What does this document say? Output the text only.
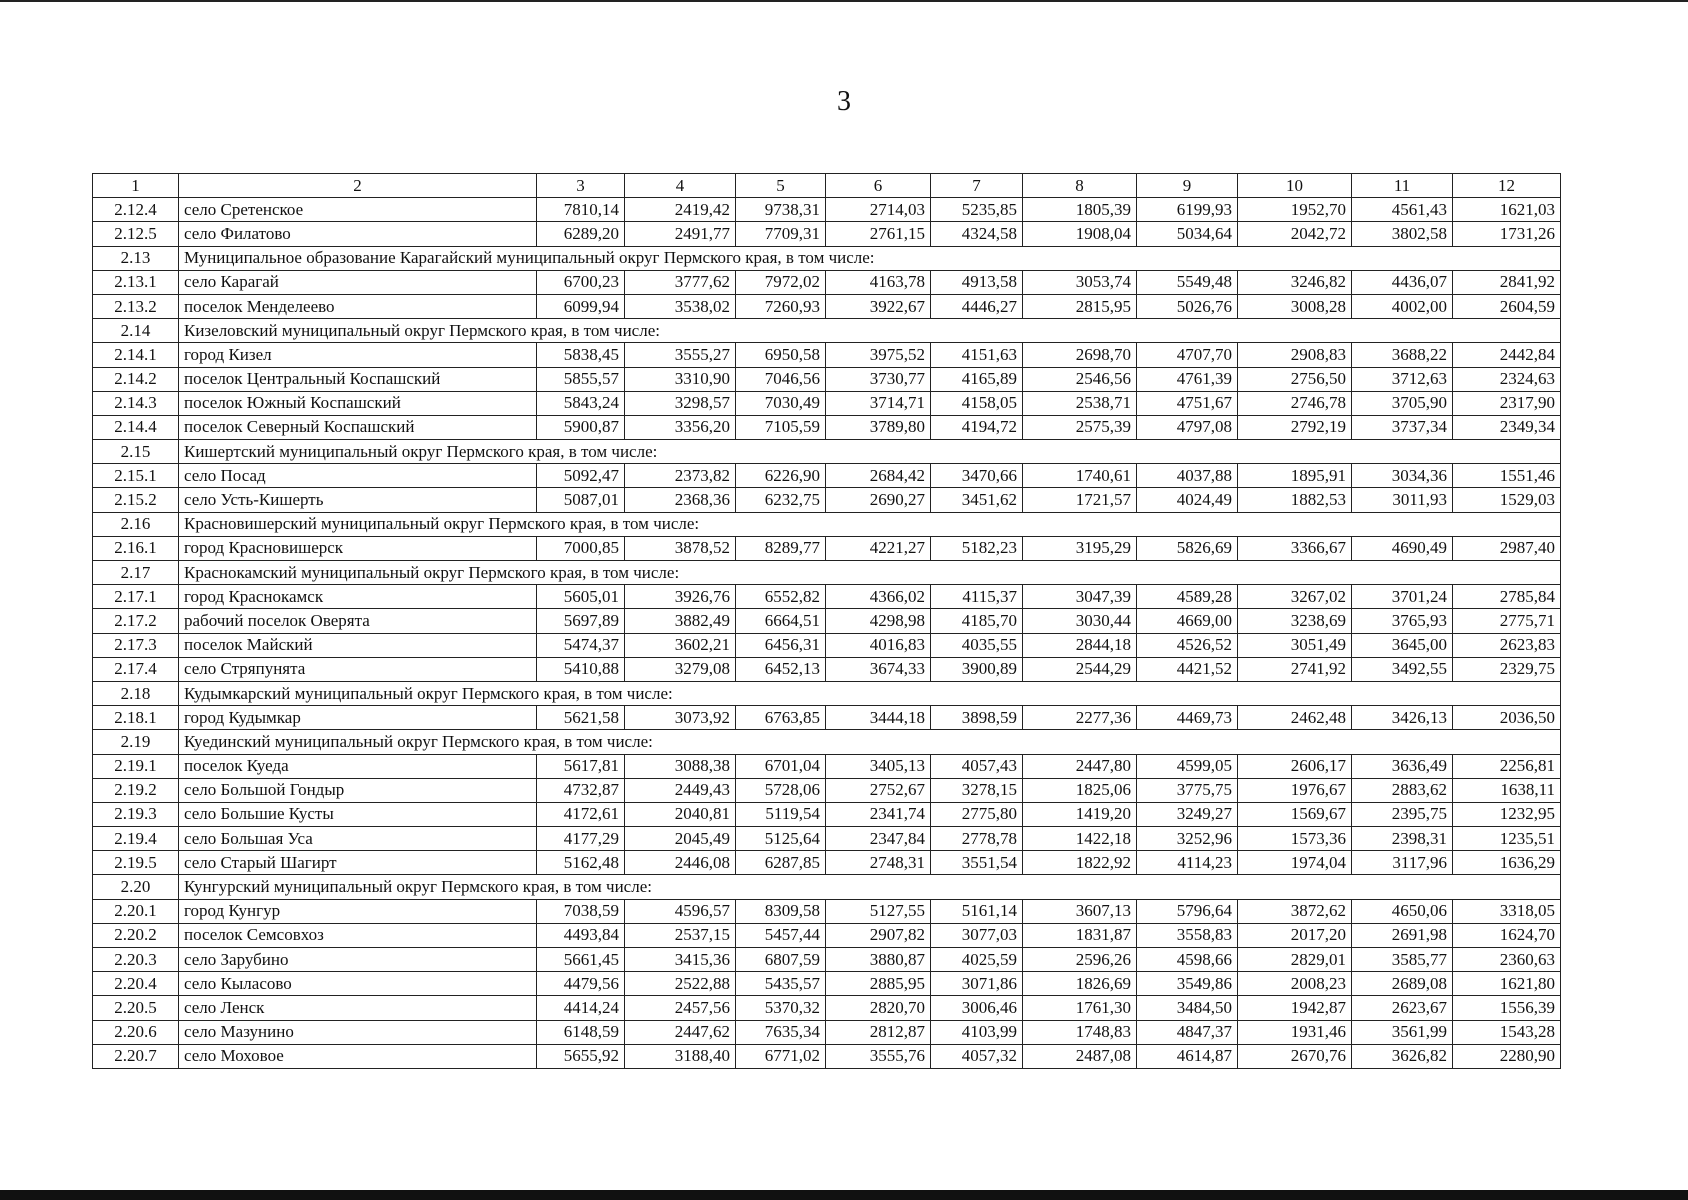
3
1	2	3	4	5	6	7	8	9	10	11	12
2.12.4	село Сретенское	7810,14	2419,42	9738,31	2714,03	5235,85	1805,39	6199,93	1952,70	4561,43	1621,03
2.12.5	село Филатово	6289,20	2491,77	7709,31	2761,15	4324,58	1908,04	5034,64	2042,72	3802,58	1731,26
2.13	Муниципальное образование Карагайский муниципальный округ Пермского края, в том числе:										
2.13.1	село Карагай	6700,23	3777,62	7972,02	4163,78	4913,58	3053,74	5549,48	3246,82	4436,07	2841,92
2.13.2	поселок Менделеево	6099,94	3538,02	7260,93	3922,67	4446,27	2815,95	5026,76	3008,28	4002,00	2604,59
2.14	Кизеловский муниципальный округ Пермского края, в том числе:										
2.14.1	город Кизел	5838,45	3555,27	6950,58	3975,52	4151,63	2698,70	4707,70	2908,83	3688,22	2442,84
2.14.2	поселок Центральный Коспашский	5855,57	3310,90	7046,56	3730,77	4165,89	2546,56	4761,39	2756,50	3712,63	2324,63
2.14.3	поселок Южный Коспашский	5843,24	3298,57	7030,49	3714,71	4158,05	2538,71	4751,67	2746,78	3705,90	2317,90
2.14.4	поселок Северный Коспашский	5900,87	3356,20	7105,59	3789,80	4194,72	2575,39	4797,08	2792,19	3737,34	2349,34
2.15	Кишертский муниципальный округ Пермского края, в том числе:										
2.15.1	село Посад	5092,47	2373,82	6226,90	2684,42	3470,66	1740,61	4037,88	1895,91	3034,36	1551,46
2.15.2	село Усть-Кишерть	5087,01	2368,36	6232,75	2690,27	3451,62	1721,57	4024,49	1882,53	3011,93	1529,03
2.16	Красновишерский муниципальный округ Пермского края, в том числе:										
2.16.1	город Красновишерск	7000,85	3878,52	8289,77	4221,27	5182,23	3195,29	5826,69	3366,67	4690,49	2987,40
2.17	Краснокамский муниципальный округ Пермского края, в том числе:										
2.17.1	город Краснокамск	5605,01	3926,76	6552,82	4366,02	4115,37	3047,39	4589,28	3267,02	3701,24	2785,84
2.17.2	рабочий поселок Оверята	5697,89	3882,49	6664,51	4298,98	4185,70	3030,44	4669,00	3238,69	3765,93	2775,71
2.17.3	поселок Майский	5474,37	3602,21	6456,31	4016,83	4035,55	2844,18	4526,52	3051,49	3645,00	2623,83
2.17.4	село Стряпунята	5410,88	3279,08	6452,13	3674,33	3900,89	2544,29	4421,52	2741,92	3492,55	2329,75
2.18	Кудымкарский муниципальный округ Пермского края, в том числе:										
2.18.1	город Кудымкар	5621,58	3073,92	6763,85	3444,18	3898,59	2277,36	4469,73	2462,48	3426,13	2036,50
2.19	Куединский муниципальный округ Пермского края, в том числе:										
2.19.1	поселок Куеда	5617,81	3088,38	6701,04	3405,13	4057,43	2447,80	4599,05	2606,17	3636,49	2256,81
2.19.2	село Большой Гондыр	4732,87	2449,43	5728,06	2752,67	3278,15	1825,06	3775,75	1976,67	2883,62	1638,11
2.19.3	село Большие Кусты	4172,61	2040,81	5119,54	2341,74	2775,80	1419,20	3249,27	1569,67	2395,75	1232,95
2.19.4	село Большая Уса	4177,29	2045,49	5125,64	2347,84	2778,78	1422,18	3252,96	1573,36	2398,31	1235,51
2.19.5	село Старый Шагирт	5162,48	2446,08	6287,85	2748,31	3551,54	1822,92	4114,23	1974,04	3117,96	1636,29
2.20	Кунгурский муниципальный округ Пермского края, в том числе:										
2.20.1	город Кунгур	7038,59	4596,57	8309,58	5127,55	5161,14	3607,13	5796,64	3872,62	4650,06	3318,05
2.20.2	поселок Семсовхоз	4493,84	2537,15	5457,44	2907,82	3077,03	1831,87	3558,83	2017,20	2691,98	1624,70
2.20.3	село Зарубино	5661,45	3415,36	6807,59	3880,87	4025,59	2596,26	4598,66	2829,01	3585,77	2360,63
2.20.4	село Кыласово	4479,56	2522,88	5435,57	2885,95	3071,86	1826,69	3549,86	2008,23	2689,08	1621,80
2.20.5	село Ленск	4414,24	2457,56	5370,32	2820,70	3006,46	1761,30	3484,50	1942,87	2623,67	1556,39
2.20.6	село Мазунино	6148,59	2447,62	7635,34	2812,87	4103,99	1748,83	4847,37	1931,46	3561,99	1543,28
2.20.7	село Моховое	5655,92	3188,40	6771,02	3555,76	4057,32	2487,08	4614,87	2670,76	3626,82	2280,90
